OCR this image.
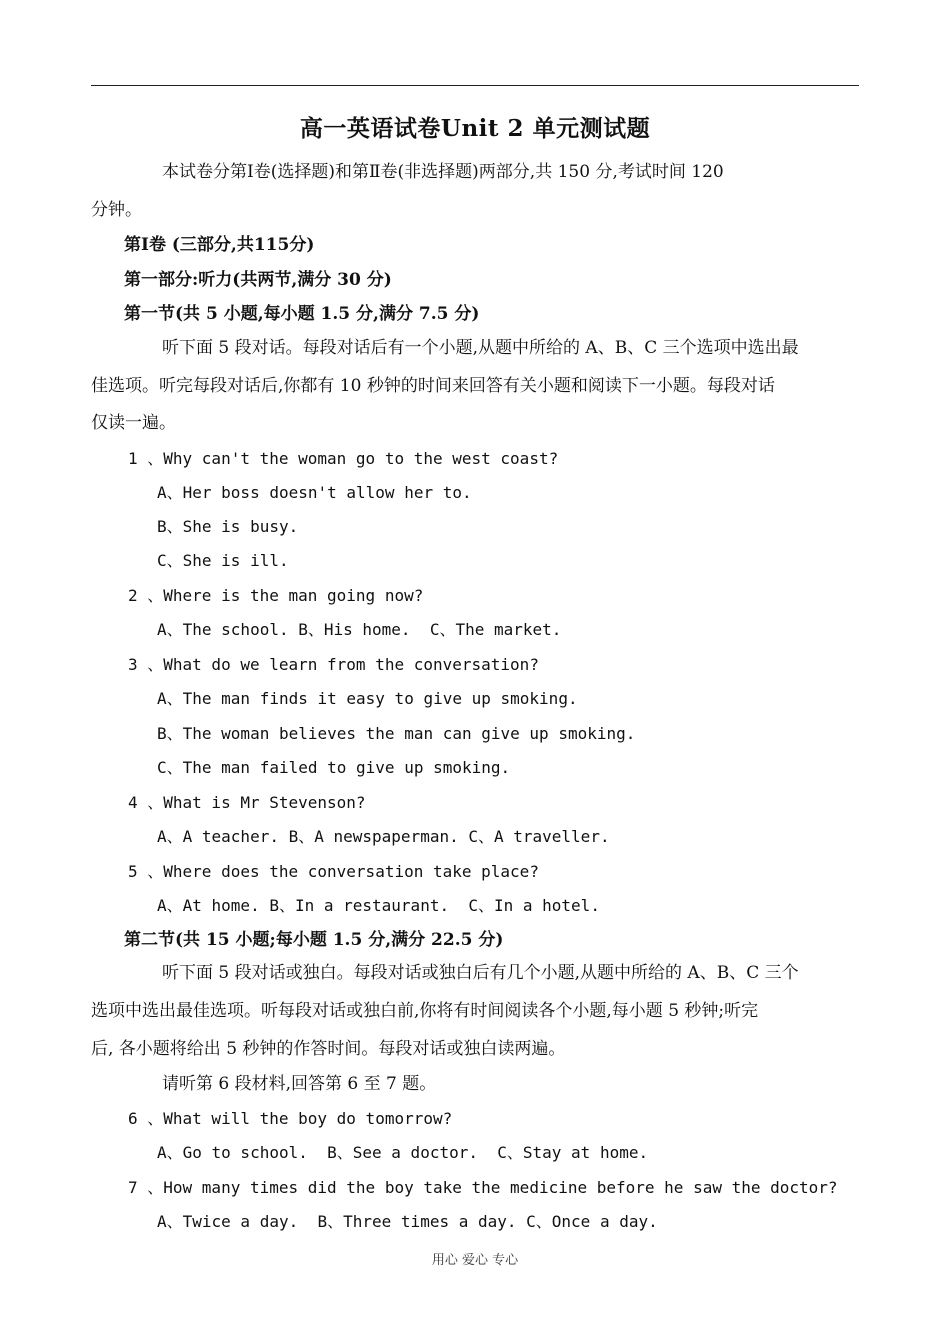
高一英语试卷Unit 2 单元测试题
本试卷分第Ⅰ卷(选择题)和第Ⅱ卷(非选择题)两部分,共 150 分,考试时间 120
分钟。
第Ⅰ卷 (三部分,共115分)
第一部分:听力(共两节,满分 30 分)
第一节(共 5 小题,每小题 1.5 分,满分 7.5 分)
听下面 5 段对话。每段对话后有一个小题,从题中所给的 A、B、C 三个选项中选出最
佳选项。听完每段对话后,你都有 10 秒钟的时间来回答有关小题和阅读下一小题。每段对话
仅读一遍。
1 、Why can't the woman go to the west coast?
A、Her boss doesn't allow her to.
B、She is busy.
C、She is ill.
2 、Where is the man going now?
A、The school. B、His home.  C、The market.
3 、What do we learn from the conversation?
A、The man finds it easy to give up smoking.
B、The woman believes the man can give up smoking.
C、The man failed to give up smoking.
4 、What is Mr Stevenson?
A、A teacher. B、A newspaperman. C、A traveller.
5 、Where does the conversation take place?
A、At home. B、In a restaurant.  C、In a hotel.
第二节(共 15 小题;每小题 1.5 分,满分 22.5 分)
听下面 5 段对话或独白。每段对话或独白后有几个小题,从题中所给的 A、B、C 三个
选项中选出最佳选项。听每段对话或独白前,你将有时间阅读各个小题,每小题 5 秒钟;听完
后, 各小题将给出 5 秒钟的作答时间。每段对话或独白读两遍。
请听第 6 段材料,回答第 6 至 7 题。
6 、What will the boy do tomorrow?
A、Go to school.  B、See a doctor.  C、Stay at home.
7 、How many times did the boy take the medicine before he saw the doctor?
A、Twice a day.  B、Three times a day. C、Once a day.
用心 爱心 专心
